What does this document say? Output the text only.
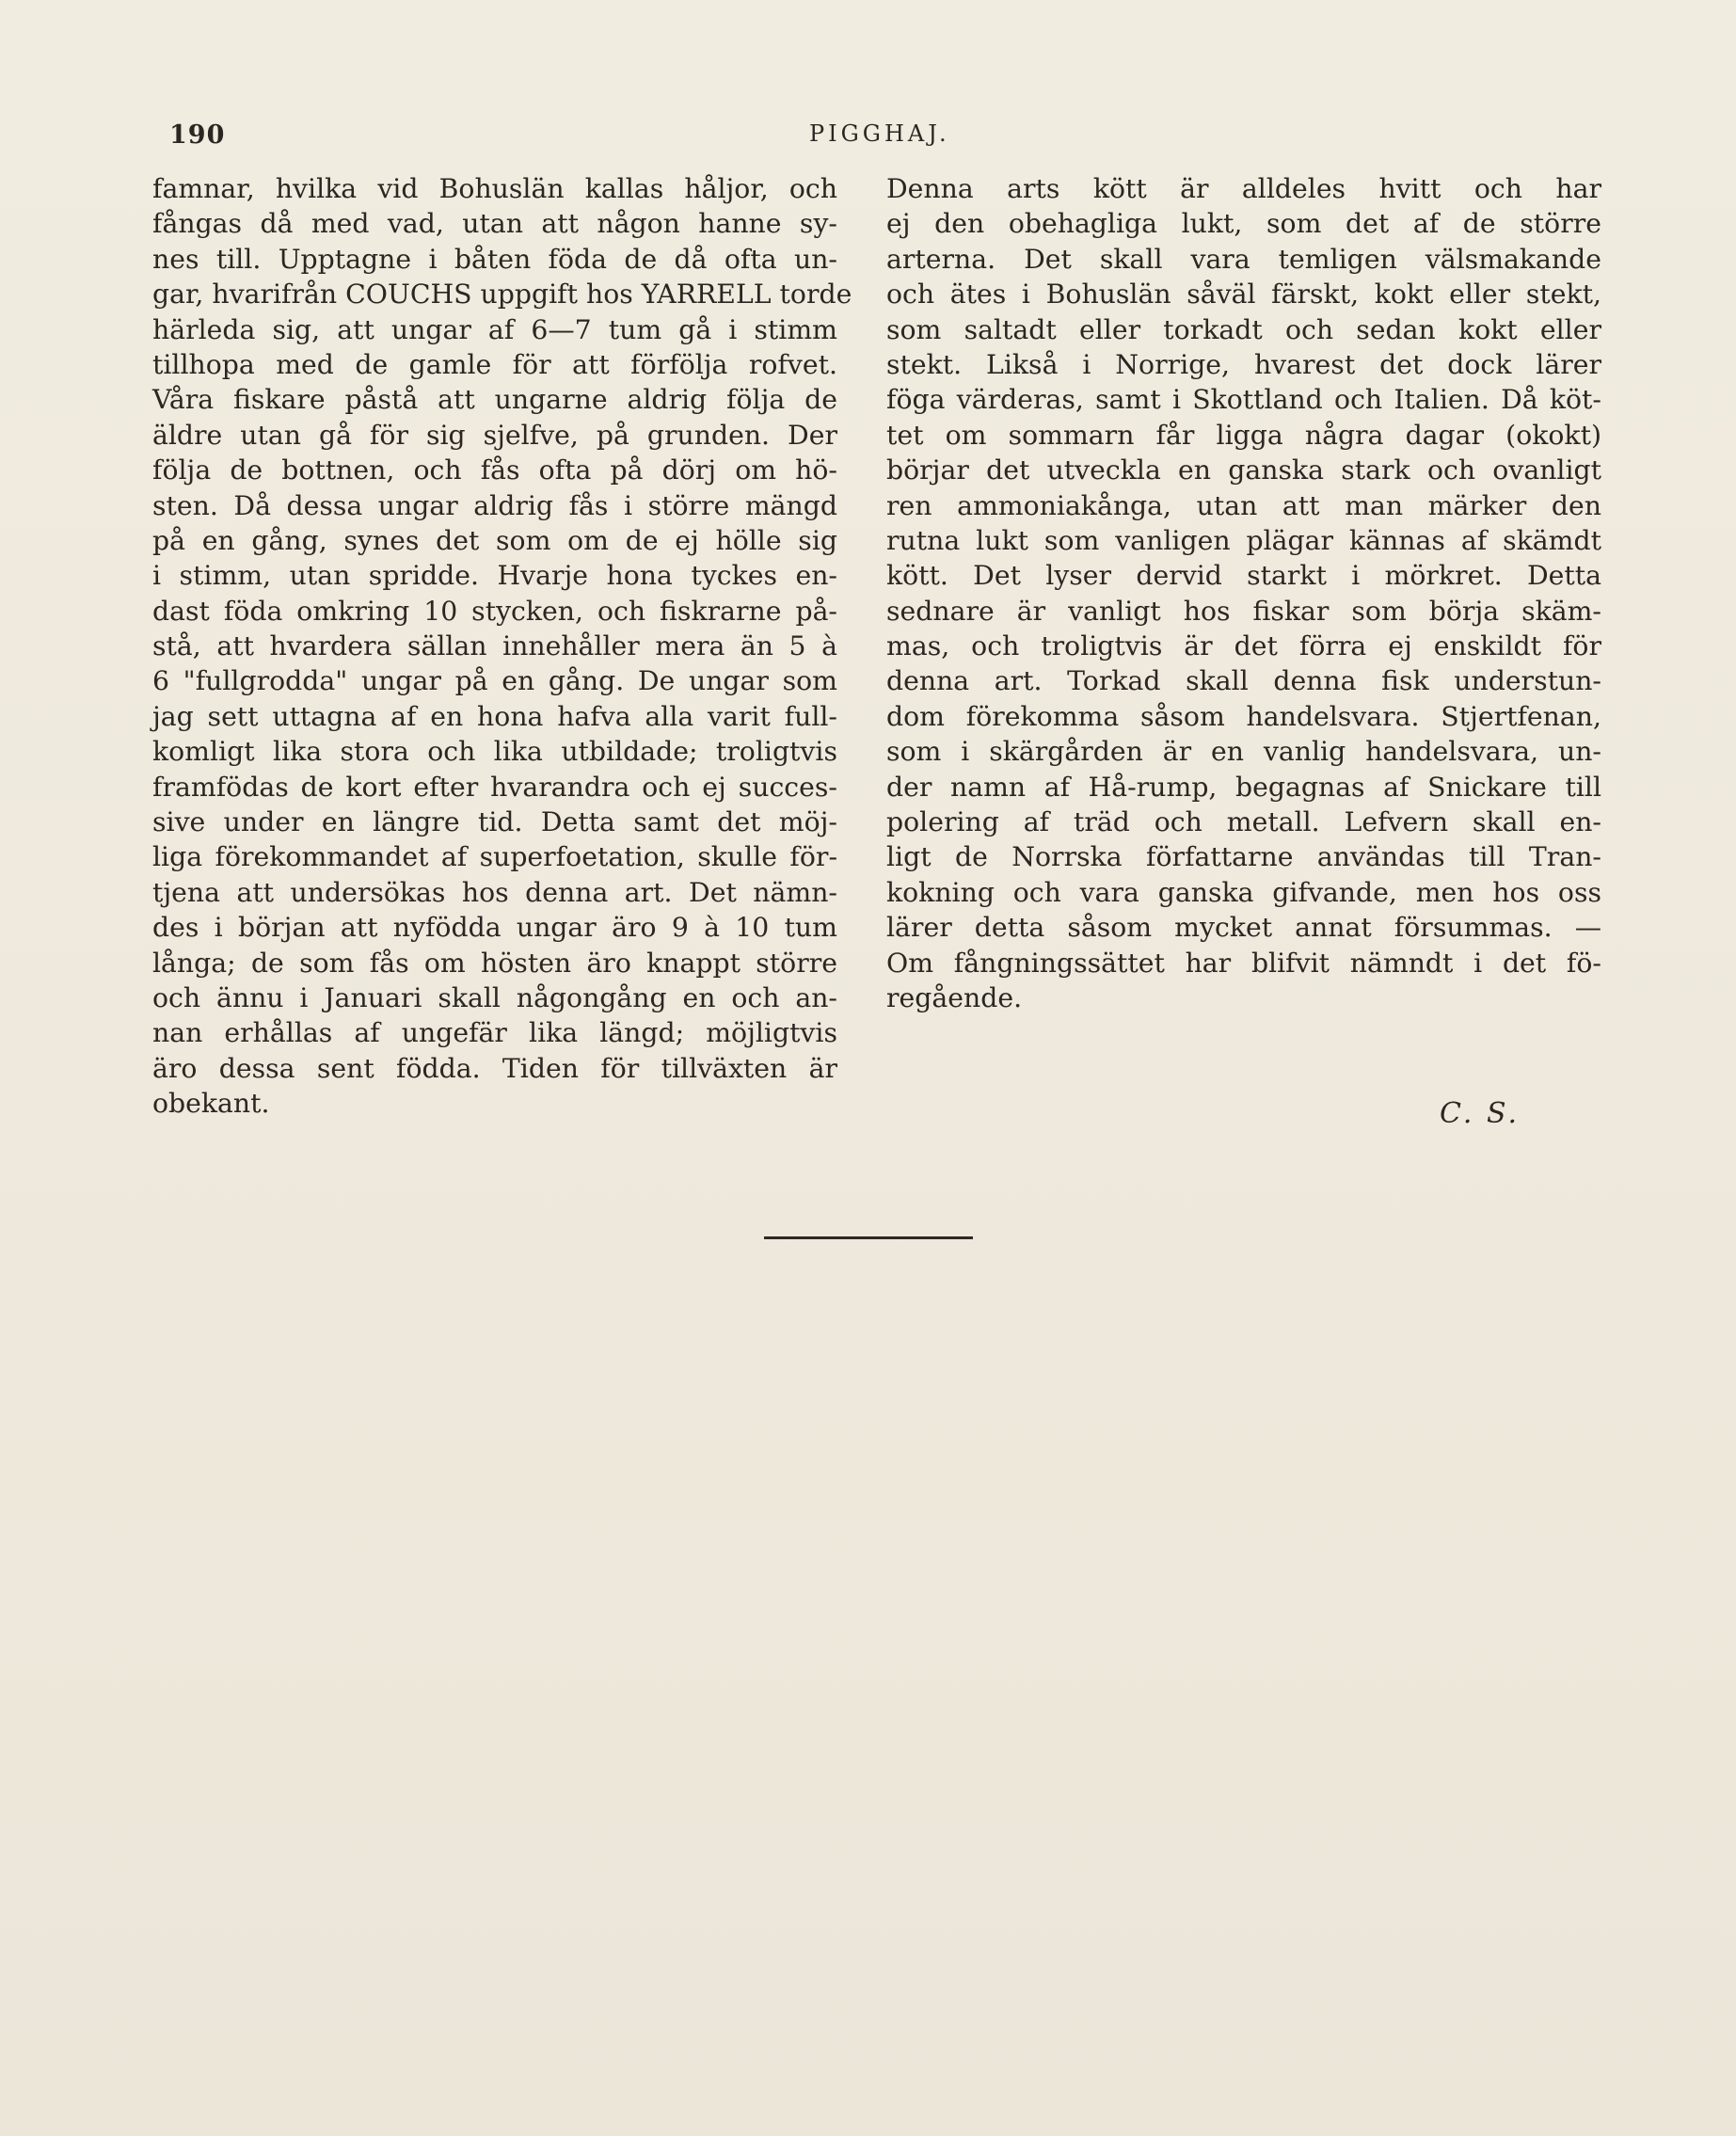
190	PIGGHAJ.
famnar, hvilka vid Bohuslän kallas håljor, och
fångas då med vad, utan att någon hanne sy-
nes till. Upptagne i båten föda de då ofta un-
gar, hvarifrån COUCHS uppgift hos YARRELL torde
härleda sig, att ungar af 6—7 tum gå i stimm
tillhopa med de gamle för att förfölja rofvet.
Våra fiskare påstå att ungarne aldrig följa de
äldre utan gå för sig sjelfve, på grunden. Der
följa de bottnen, och fås ofta på dörj om hö-
sten. Då dessa ungar aldrig fås i större mängd
på en gång, synes det som om de ej hölle sig
i stimm, utan spridde. Hvarje hona tyckes en-
dast föda omkring 10 stycken, och fiskrarne på-
stå, att hvardera sällan innehåller mera än 5 à
6 "fullgrodda" ungar på en gång. De ungar som
jag sett uttagna af en hona hafva alla varit full-
komligt lika stora och lika utbildade; troligtvis
framfödas de kort efter hvarandra och ej succes-
sive under en längre tid. Detta samt det möj-
liga förekommandet af superfoetation, skulle för-
tjena att undersökas hos denna art. Det nämn-
des i början att nyfödda ungar äro 9 à 10 tum
långa; de som fås om hösten äro knappt större
och ännu i Januari skall någongång en och an-
nan erhållas af ungefär lika längd; möjligtvis
äro dessa sent födda. Tiden för tillväxten är
obekant.
Denna arts kött är alldeles hvitt och har
ej den obehagliga lukt, som det af de större
arterna. Det skall vara temligen välsmakande
och ätes i Bohuslän såväl färskt, kokt eller stekt,
som saltadt eller torkadt och sedan kokt eller
stekt. Likså i Norrige, hvarest det dock lärer
föga värderas, samt i Skottland och Italien. Då köt-
tet om sommarn får ligga några dagar (okokt)
börjar det utveckla en ganska stark och ovanligt
ren ammoniakånga, utan att man märker den
rutna lukt som vanligen plägar kännas af skämdt
kött. Det lyser dervid starkt i mörkret. Detta
sednare är vanligt hos fiskar som börja skäm-
mas, och troligtvis är det förra ej enskildt för
denna art. Torkad skall denna fisk understun-
dom förekomma såsom handelsvara. Stjertfenan,
som i skärgården är en vanlig handelsvara, un-
der namn af Hå-rump, begagnas af Snickare till
polering af träd och metall. Lefvern skall en-
ligt de Norrska författarne användas till Tran-
kokning och vara ganska gifvande, men hos oss
lärer detta såsom mycket annat försummas. —
Om fångningssättet har blifvit nämndt i det fö-
regående.
C. S.
